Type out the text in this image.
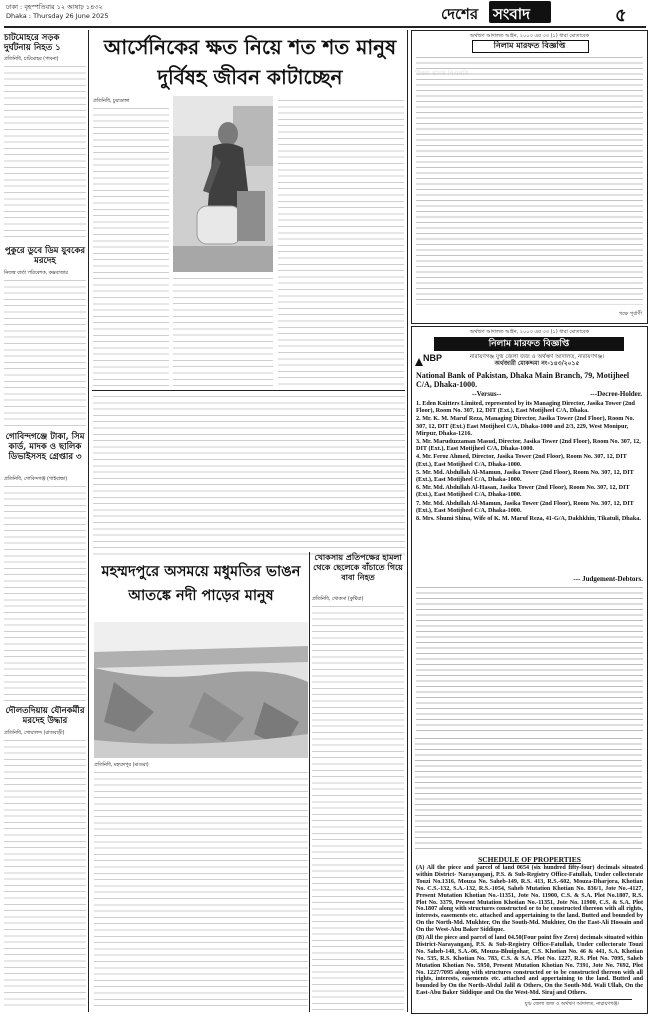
ঢাকা : বৃহস্পতিবার ১২ আষাঢ় ১৪৩২
Dhaka : Thursday 26 June 2025	দেশের সংবাদ	৫
চাটমোহরে সড়ক দুর্ঘটনায় নিহত ১
প্রতিনিধি, চাটমোহর (পাবনা)
পুকুরে ডুবে ডিম যুবকের মরদেহ
নিজস্ব বার্তা পরিবেশক, কক্সবাজার
গোবিন্দগঞ্জে টাকা, সিম কার্ড, মাদক ও ছালিক ডিভাইসসহ গ্রেপ্তার ৩
প্রতিনিধি, গোবিন্দগঞ্জ (গাইবান্ধা)
দৌলতদিয়ায় যৌনকর্মীর মরদেহ উদ্ধার
প্রতিনিধি, গোয়ালন্দ (রাজবাড়ী)
আর্সেনিকের ক্ষত নিয়ে শত শত মানুষ দুর্বিষহ জীবন কাটাচ্ছেন
প্রতিনিধি, চুয়াডাঙ্গা
মহম্মদপুরে অসময়ে মধুমতির ভাঙন আতঙ্কে নদী পাড়ের মানুষ
প্রতিনিধি, মহম্মদপুর (মাগুরা)
খোকসায় প্রতিপক্ষের হামলা থেকে ছেলেকে বাঁচাতে গিয়ে বাবা নিহত
প্রতিনিধি, খোকসা (কুষ্টিয়া)
অর্থঋণ আদালত আইন, ২০০৩ এর ৩৩ (১) ধারা মোতাবেক
নিলাম মারফত বিজ্ঞপ্তি
পক্ষে পূর্বাণী
অর্থঋণ আদালত আইন, ২০০৩ এর ৩৩ (১) ধারা মোতাবেক
নিলাম মারফত বিজ্ঞপ্তি
নারায়ণগঞ্জ যুগ্ম জেলা জজ ও অর্থঋণ আদালত, নারায়ণগঞ্জ।
অর্থজারী মোকদ্দমা নং-১৪৩/২০১৫
NBP
National Bank of Pakistan, Dhaka Main Branch, 79, Motijheel C/A, Dhaka-1000.
---Decree-Holder.
--Versus--
1. Eden Knitters Limited, represented by its Managing Director, Jasika Tower (2nd Floor), Room No. 307, 12, DIT (Ext.), East Motijheel C/A, Dhaka.
2. Mr. K. M. Maruf Reza, Managing Director, Jasika Tower (2nd Floor), Room No. 307, 12, DIT (Ext.) East Motijheel C/A, Dhaka-1000 and 2/3, 229, West Monipur, Mirpur, Dhaka-1216.
3. Mr. Maruduzzaman Masud, Director, Jasika Tower (2nd Floor), Room No. 307, 12, DIT (Ext.), East Motijheel C/A, Dhaka-1000.
4. Mr. Feroz Ahmed, Director, Jasika Tower (2nd Floor), Room No. 307, 12, DIT (Ext.), East Motijheel C/A, Dhaka-1000.
5. Mr. Md. Abdullah Al-Mamun, Jasika Tower (2nd Floor), Room No. 307, 12, DIT (Ext.), East Motijheel C/A, Dhaka-1000.
6. Mr. Md. Abdullah Al-Hasan, Jasika Tower (2nd Floor), Room No. 307, 12, DIT (Ext.), East Motijheel C/A, Dhaka-1000.
7. Mr. Md. Abdullah Al-Mamun, Jasika Tower (2nd Floor), Room No. 307, 12, DIT (Ext.), East Motijheel C/A, Dhaka-1000.
8. Mrs. Shumi Shina, Wife of K. M. Maruf Reza, 41-G/A, Dakhkhin, Tikatuli, Dhaka.
--- Judgement-Debtors.
SCHEDULE OF PROPERTIES
(A) All the piece and parcel of land 0654 (six hundred fifty-four) decimals situated within District- Narayanganj, P.S. & Sub-Registry Office-Fatullah, Under collectorate Touzi No.1316, Mouza No. Saheb-149, R.S. 413, R.S.-602, Mouza-Dharjora, Khotian No. C.S.-132, S.A.-132, R.S.-1054, Saheb Mutation Khotian No. 836/1, Jote No.-4127, Present Mutation Khotian No.-11351, Jote No. 11900, C.S. & S.A. Plot No.1807, R.S. Plot No. 3379, Present Mutation Khotian No.-11351, Jote No. 11900, C.S. & S.A. Plot No.1807 along with structures constructed or to be constructed thereon with all rights, interests, easements etc. attached and appertaining to the land. Butted and bounded by On the North-Md. Mukhter, On the South-Md. Mukhter, On the East-Ali Hossain and On the West-Abu Baker Siddique.
(B) All the piece and parcel of land 04.50(Four point five Zero) decimals situated within District-Narayanganj, P.S. & Sub-Registry Office-Fatullah, Under collectorate Touzi No. Saheb-148, S.A.-06, Mouza-Bhuigohar, C.S. Khotian No. 46 & 441, S.A. Khotian No. 535, R.S. Khotian No. 783, C.S. & S.A. Plot No. 1227, R.S. Plot No. 7095, Saheb Mutation Khotian No. 5950, Present Mutation Khotian No. 7391, Jote No. 7692, Plot No. 1227/7095 along with structures constructed or to be constructed thereon with all rights, interests, easements etc. attached and appertaining to the land. Butted and bounded by On the North-Abdul Jalil & Others, On the South-Md. Wali Ullah, On the East-Abu Baker Siddique and On the West-Md. Siraj and Others.
যুগ্ম জেলা জজ ও অর্থঋণ আদালত, নারায়ণগঞ্জ।
